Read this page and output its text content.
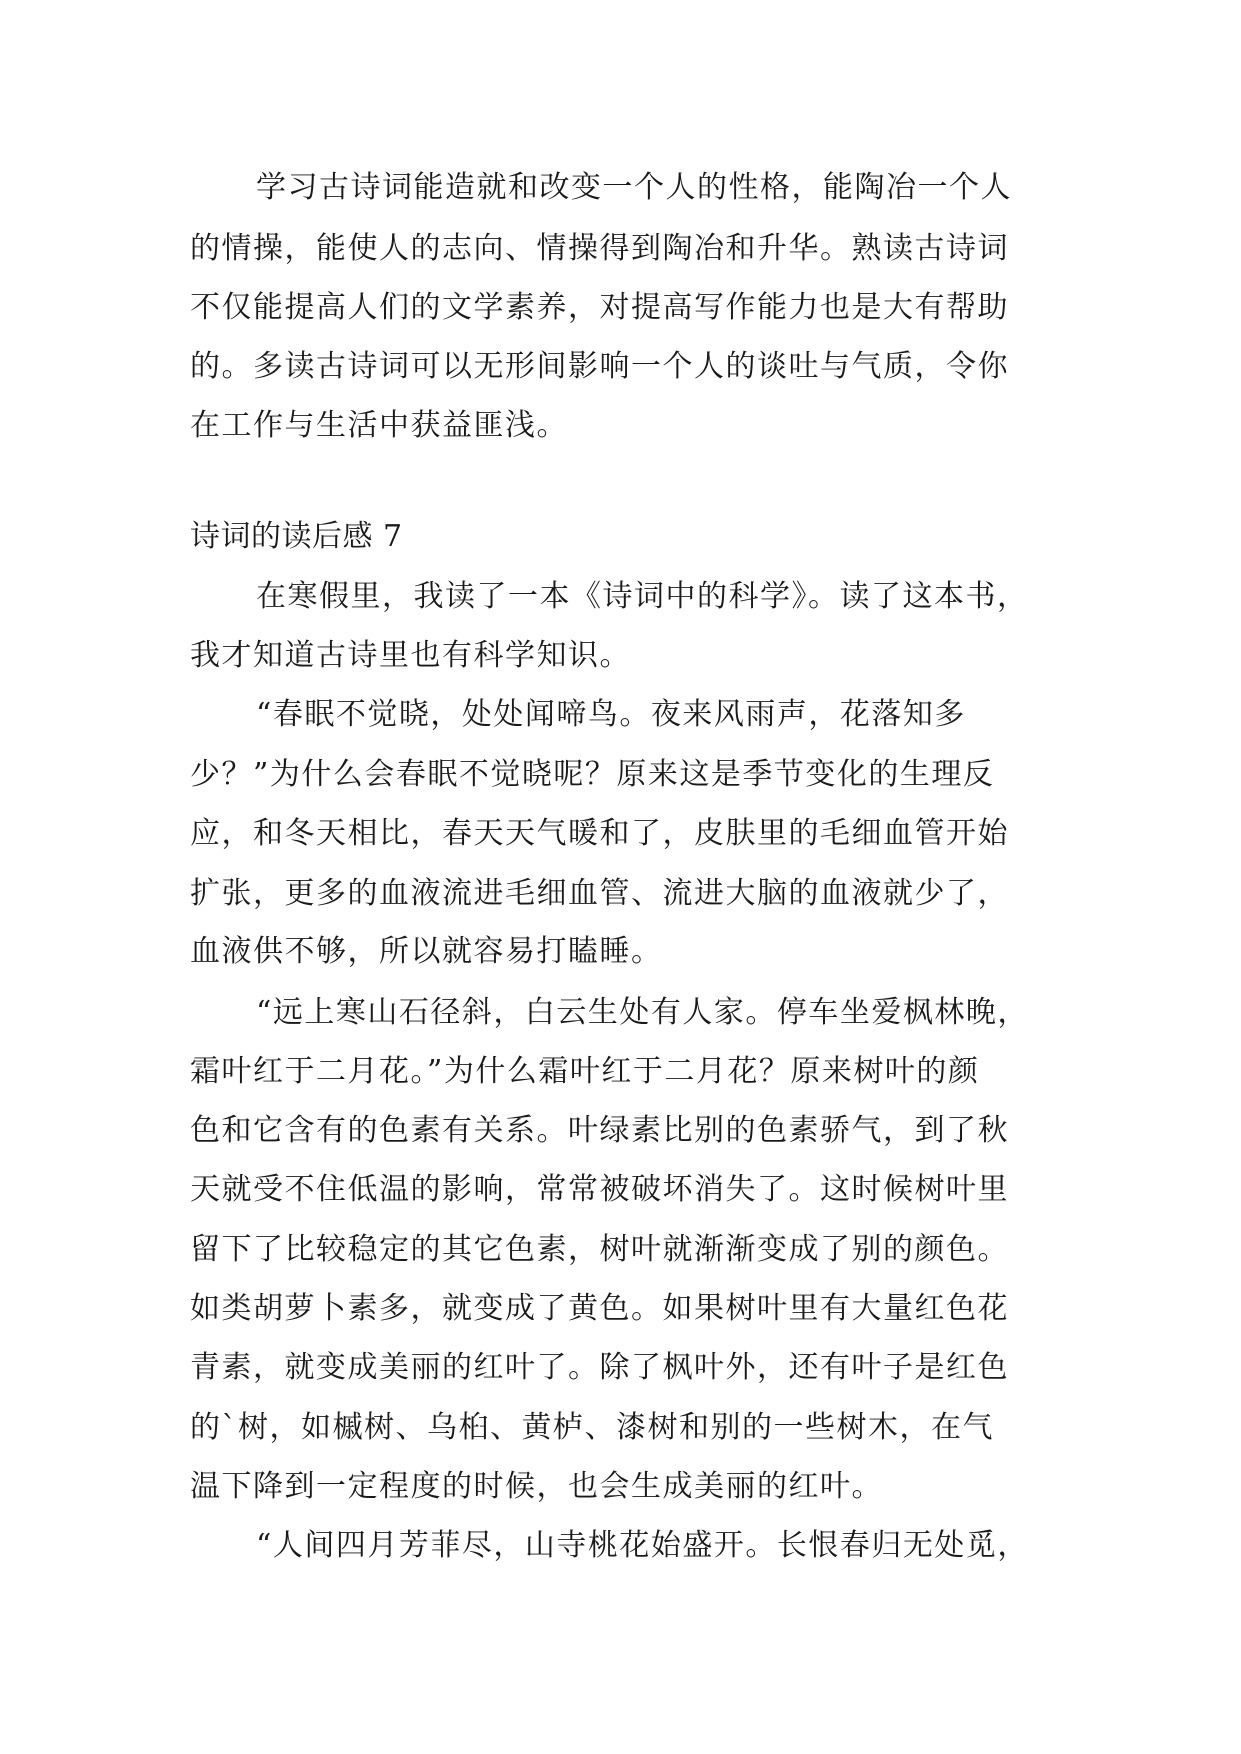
学习古诗词能造就和改变一个人的性格，能陶冶一个人
的情操，能使人的志向、情操得到陶冶和升华。熟读古诗词
不仅能提高人们的文学素养，对提高写作能力也是大有帮助
的。多读古诗词可以无形间影响一个人的谈吐与气质，令你
在工作与生活中获益匪浅。
诗词的读后感 7
在寒假里，我读了一本《诗词中的科学》。读了这本书，
我才知道古诗里也有科学知识。
“春眠不觉晓，处处闻啼鸟。夜来风雨声，花落知多
少？”为什么会春眠不觉晓呢？原来这是季节变化的生理反
应，和冬天相比，春天天气暖和了，皮肤里的毛细血管开始
扩张，更多的血液流进毛细血管、流进大脑的血液就少了，
血液供不够，所以就容易打瞌睡。
“远上寒山石径斜，白云生处有人家。停车坐爱枫林晚，
霜叶红于二月花。”为什么霜叶红于二月花？原来树叶的颜
色和它含有的色素有关系。叶绿素比别的色素骄气，到了秋
天就受不住低温的影响，常常被破坏消失了。这时候树叶里
留下了比较稳定的其它色素，树叶就渐渐变成了别的颜色。
如类胡萝卜素多，就变成了黄色。如果树叶里有大量红色花
青素，就变成美丽的红叶了。除了枫叶外，还有叶子是红色
的`树，如槭树、乌桕、黄栌、漆树和别的一些树木，在气
温下降到一定程度的时候，也会生成美丽的红叶。
“人间四月芳菲尽，山寺桃花始盛开。长恨春归无处觅，
